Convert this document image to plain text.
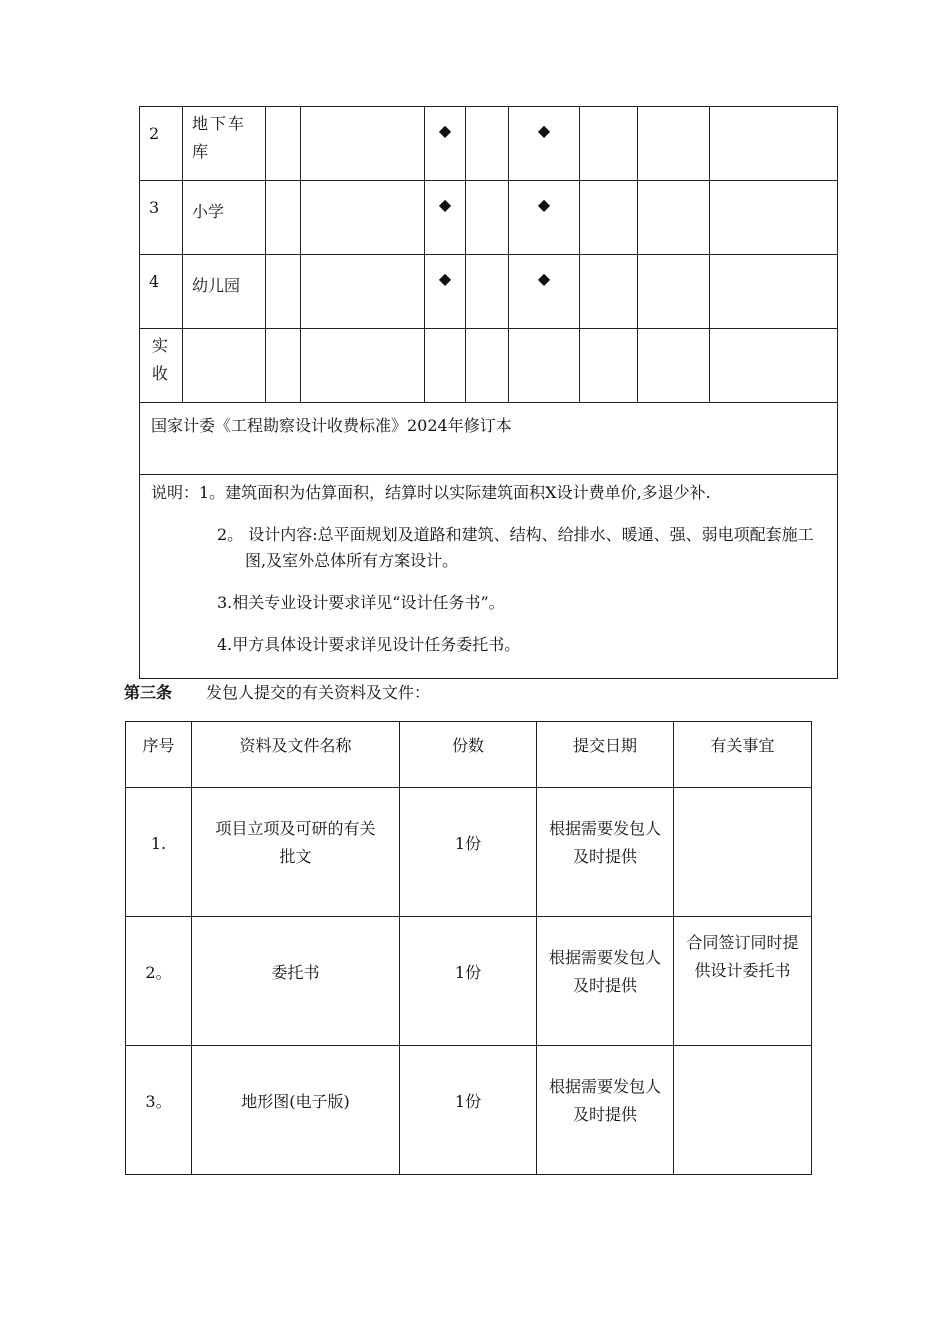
2	地下车库			◆		◆			
3	小学			◆		◆			
4	幼儿园			◆		◆			

实收									

国家计委《工程勘察设计收费标准》2024年修订本									

说明：1。建筑面积为估算面积，结算时以实际建筑面积X设计费单价,多退少补.
2。 设计内容:总平面规划及道路和建筑、结构、给排水、暖通、强、弱电项配套施工图,及室外总体所有方案设计。
3.相关专业设计要求详见“设计任务书”。
4.甲方具体设计要求详见设计任务委托书。									
第三条 发包人提交的有关资料及文件：
序号	资料及文件名称	份数	提交日期	有关事宜
1.	项目立项及可研的有关批文	1份	根据需要发包人及时提供	
2。	委托书	1份	根据需要发包人及时提供	合同签订同时提供设计委托书
3。	地形图(电子版)	1份	根据需要发包人及时提供	
